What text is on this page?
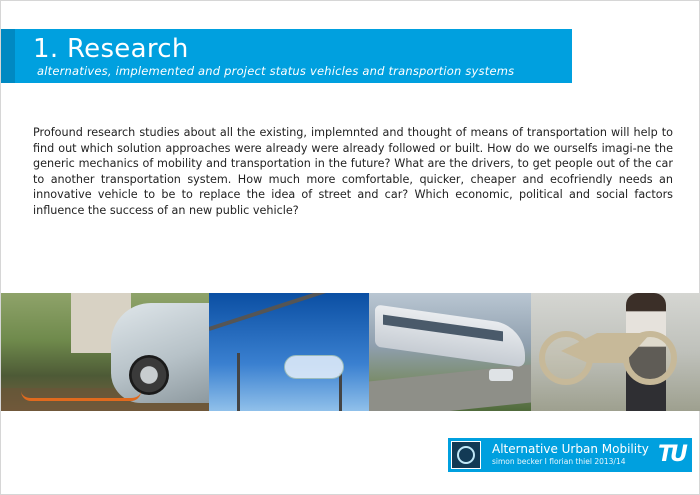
1. Research
alternatives, implemented and project status vehicles and transportion systems

Profound research studies about all the existing, implemnted and thought of means of transportation will help to find out which solution approaches were already were already followed or built. How do we ourselfs imagi-ne the generic mechanics of mobility and transportation in the future? What are the drivers, to get people out of the car to another transportation system. How much more comfortable, quicker, cheaper and ecofriendly needs an innovative vehicle to be to replace the idea of street and car? Which economic, political and social factors influence the success of an new public vehicle?

Alternative Urban Mobility
simon becker I florian thiel 2013/14 TU
